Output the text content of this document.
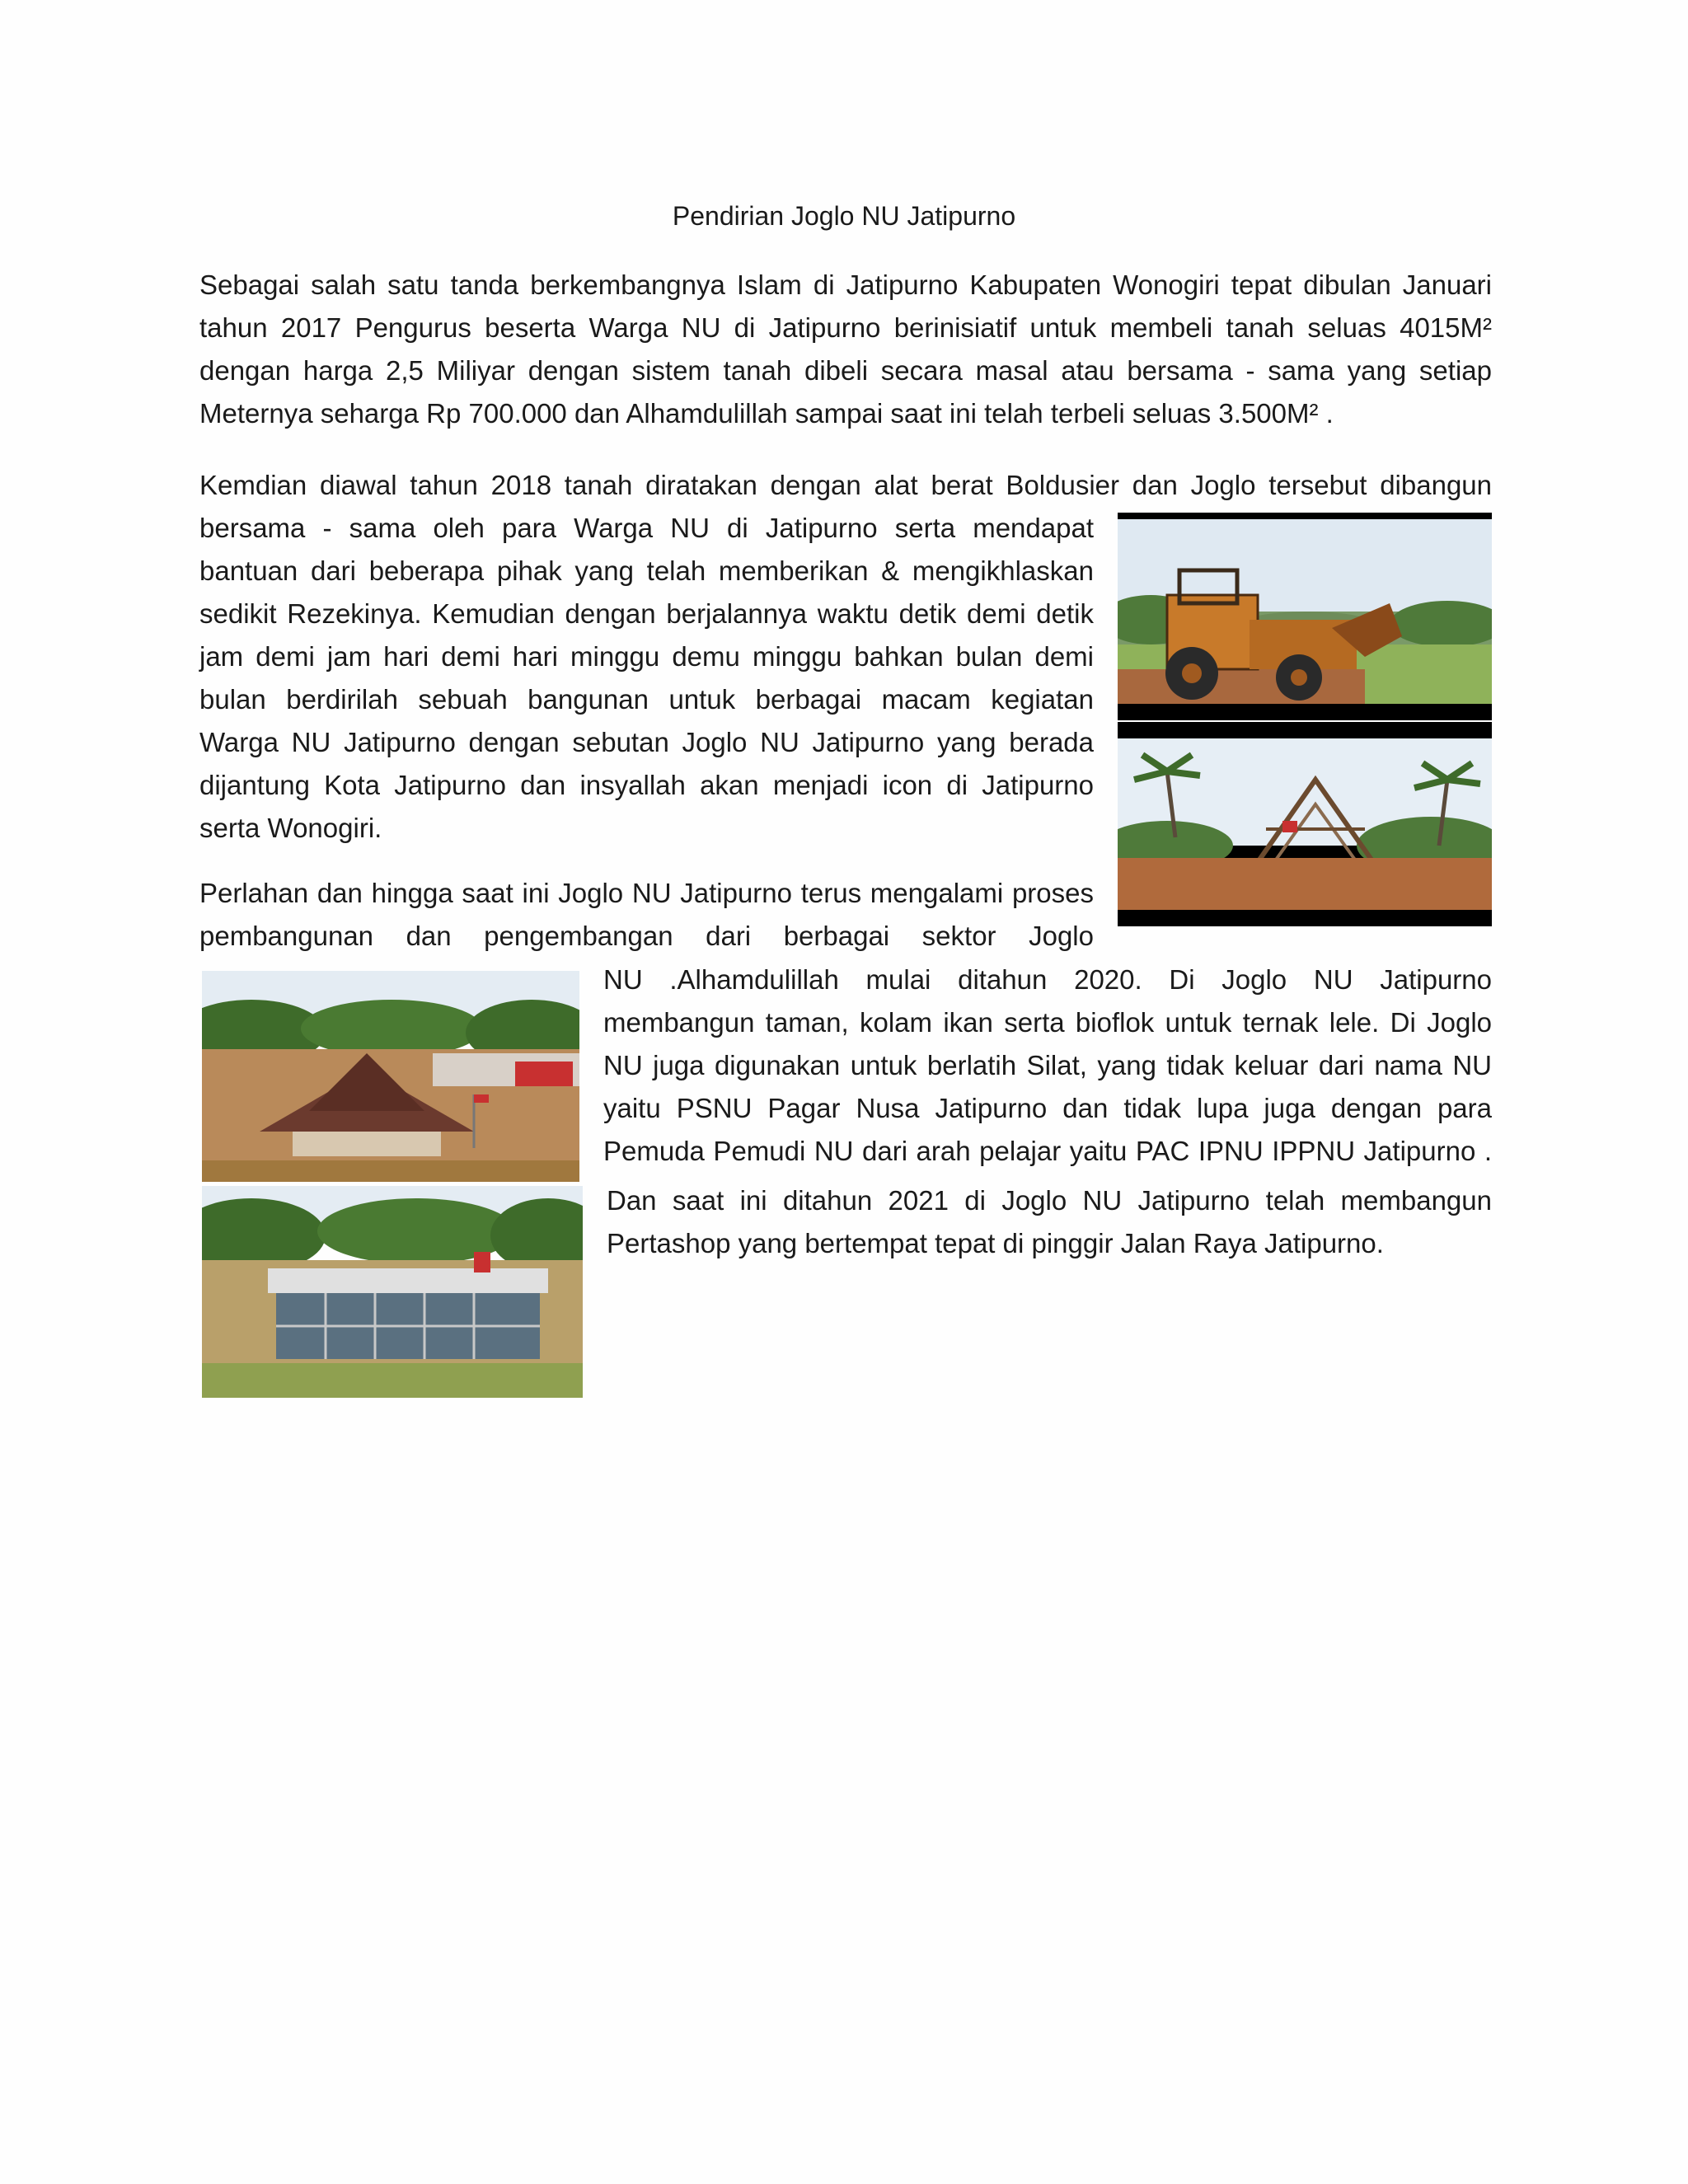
Pendirian Joglo NU Jatipurno

Sebagai salah satu tanda berkembangnya Islam di Jatipurno Kabupaten Wonogiri tepat dibulan Januari
tahun 2017 Pengurus beserta Warga NU di Jatipurno berinisiatif untuk membeli tanah seluas 4015M²
dengan harga 2,5 Miliyar dengan sistem tanah dibeli secara masal atau bersama - sama yang setiap
Meternya seharga Rp 700.000 dan Alhamdulillah sampai saat ini telah terbeli seluas 3.500M² .

Kemdian diawal tahun 2018 tanah diratakan dengan alat berat Boldusier dan Joglo tersebut dibangun

bersama - sama oleh para Warga NU di Jatipurno serta mendapat
bantuan dari beberapa pihak yang telah memberikan & mengikhlaskan
sedikit Rezekinya. Kemudian dengan berjalannya waktu detik demi detik
jam demi jam hari demi hari minggu demu minggu bahkan bulan demi
bulan berdirilah sebuah bangunan untuk berbagai macam kegiatan
Warga NU Jatipurno dengan sebutan Joglo NU Jatipurno yang berada
dijantung Kota Jatipurno dan insyallah akan menjadi icon di Jatipurno
serta Wonogiri.

Perlahan dan hingga saat ini Joglo NU Jatipurno terus mengalami proses
pembangunan dan pengembangan dari berbagai sektor Joglo

NU .Alhamdulillah mulai ditahun 2020. Di Joglo NU Jatipurno
membangun taman, kolam ikan serta bioflok untuk ternak lele. Di Joglo
NU juga digunakan untuk berlatih Silat, yang tidak keluar dari nama NU
yaitu PSNU Pagar Nusa Jatipurno dan tidak lupa juga dengan para
Pemuda Pemudi NU dari arah pelajar yaitu PAC IPNU IPPNU Jatipurno .

Dan saat ini ditahun 2021 di Joglo NU Jatipurno telah membangun
Pertashop yang bertempat tepat di pinggir Jalan Raya Jatipurno.
